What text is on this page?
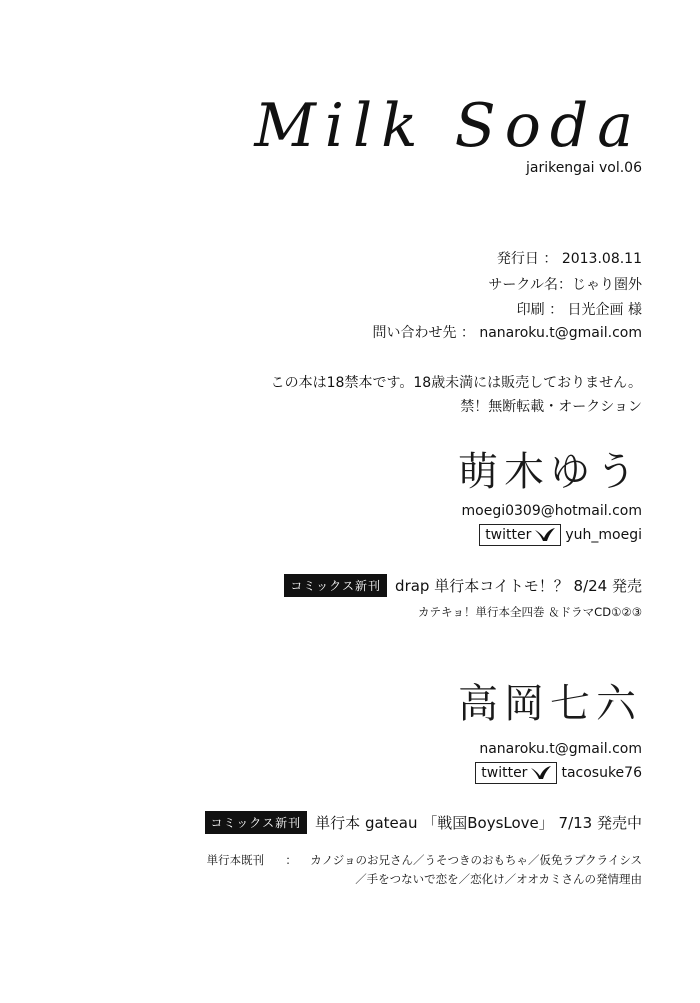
Milk Soda
jarikengai vol.06
発行日 ： 2013.08.11
サークル名：じゃり圏外
印刷 ： 日光企画 様
問い合わせ先 ： nanaroku.t@gmail.com
この本は18禁本です。18歳未満には販売しておりません。
禁！無断転載・オークション
萌木ゆう
moegi0309@hotmail.com
twitter yuh_moegi
コミックス新刊 drap 単行本コイトモ！？ 8/24 発売
カテキョ！単行本全四巻 ＆ドラマCD①②③
高岡七六
nanaroku.t@gmail.com
twitter tacosuke76
コミックス新刊 単行本 gateau 「戦国BoysLove」 7/13 発売中
単行本既刊 ： カノジョのお兄さん／うそつきのおもちゃ／仮免ラブクライシス
／手をつないで恋を／恋化け／オオカミさんの発情理由
